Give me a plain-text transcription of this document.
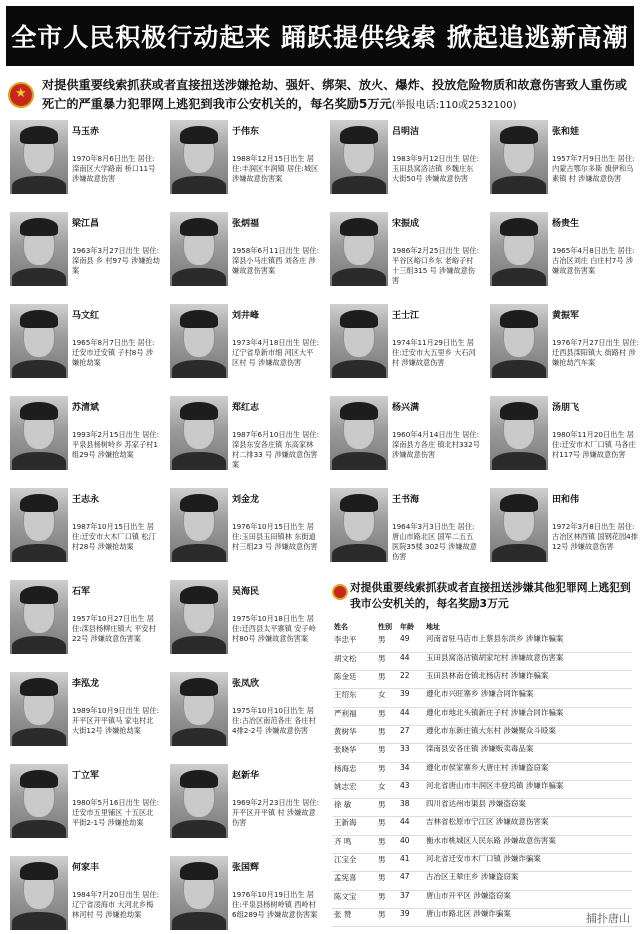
全市人民积极行动起来 踊跃提供线索 掀起追逃新高潮
★
对提供重要线索抓获或者直接扭送涉嫌抢劫、强奸、绑架、放火、爆炸、投放危险物质和故意伤害致人重伤或死亡的严重暴力犯罪网上逃犯到我市公安机关的，每名奖励5万元(举报电话:110或2532100)
马玉赤
1970年8月6日出生 居住:滦南区大学路南 桥口11号 涉嫌故意伤害
于伟东
1988年12月15日出生 居住:丰润区丰润镇 居住:城区 涉嫌故意伤害案
吕明洁
1983年9月12日出生 居住:玉田县窝洛沽镇 乡魏庄东大街50号 涉嫌故意伤害
张和娃
1957年7月9日出生 居住:内蒙古鄂尔多斯 旗伊和乌素镇 村 涉嫌故意伤害
梁江昌
1963年3月27日出生 居住:滦南县 乡 村97号 涉嫌抢劫案
张炳福
1958年6月11日出生 居住:滦县小马庄镇西 刘各庄 涉嫌故意伤害案
宋振成
1986年2月25日出生 居住:平谷区峪口乡东 老峪子村十三组315 号 涉嫌故意伤害
杨贵生
1965年4月8日出生 居住:古冶区刘庄 白庄村7号 涉嫌故意伤害案
马文红
1965年8月7日出生 居住:迁安市迁安镇 子村8号 涉嫌抢劫案
刘井峰
1973年4月18日出生 居住:辽宁省阜新市细 河区大平区村 号 涉嫌故意伤害
王士江
1974年11月29日出生 居住:迁安市大五里乡 大石河村 涉嫌故意伤害
黄振军
1976年7月27日出生 居住:迁西县滦阳镇大 街路村 涉嫌抢劫汽车案
苏清斌
1993年2月15日出生 居住:平泉县杨树岭乡 苏家子村1组29号 涉嫌抢劫案
郑红志
1987年6月10日出生 居住:滦县东安各庄镇 东高家林村二排33 号 涉嫌故意伤害案
杨兴满
1960年4月14日出生 居住:滦南县方各庄 镇北村332号 涉嫌故意伤害
汤朋飞
1980年11月20日出生 居住:迁安市木厂口镇 马各庄村117号 涉嫌故意伤害
王志永
1987年10月15日出生 居住:迁安市大木厂口镇 松汀村28号 涉嫌抢劫案
刘金龙
1976年10月15日出生 居住:玉田县玉田镇林 东街道村三组23 号 涉嫌故意伤害
王书海
1964年3月3日出生 居住:唐山市路北区 国军二五五医院35楼 302号 涉嫌故意伤害
田和伟
1972年3月8日出生 居住:古冶区林西镇 国钢花园4排12号 涉嫌故意伤害
石军
1957年10月27日出生 居住:滦县杨柳庄镇大 平安村22号 涉嫌故意伤害案
吴海民
1975年10月18日出生 居住:迁西县太平寨镇 安子岭村80号 涉嫌故意伤害案
李泓龙
1989年10月9日出生 居住:开平区开平镇马 家屯村北大街12号 涉嫌抢劫案
张凤欣
1975年10月10日出生 居住:古冶区南范各庄 各庄村4排2-2号 涉嫌故意伤害
丁立军
1980年5月16日出生 居住:迁安市五里铺区 十五区北平街2-1号 涉嫌抢劫案
赵新华
1969年2月23日出生 居住:开平区开平镇 村 涉嫌故意伤害
何家丰
1984年7月20日出生 居住:辽宁省凌海市 大河北乡梅林河村 号 涉嫌抢劫案
张国辉
1976年10月19日出生 居住:平泉县杨树岭镇 西岭村6组289号 涉嫌故意伤害案
对提供重要线索抓获或者直接扭送涉嫌其他犯罪网上逃犯到我市公安机关的，每名奖励3万元
姓名	性别	年龄	地址
李忠平	男	49	河南省驻马店市上蔡县东洪乡 涉嫌诈骗案
胡文松	男	44	玉田县窝洛沽镇胡家坨村 涉嫌故意伤害案
陈金廷	男	22	玉田县林南仓镇北杨店村 涉嫌诈骗案
王绍东	女	39	遵化市兴旺寨乡 涉嫌合同诈骗案
严利福	男	44	遵化市地北头镇新庄子村 涉嫌合同诈骗案
黄树华	男	27	遵化市东新庄镇大东村 涉嫌聚众斗殴案
张晓华	男	33	滦南县安各庄镇 涉嫌贩卖毒品案
杨海忠	男	34	遵化市侯家寨乡大唐庄村 涉嫌盗窃案
姚志宏	女	43	河北省唐山市丰润区丰登坞镇 涉嫌诈骗案
徐 敏	男	38	四川省达州市渠县 涉嫌盗窃案
王新海	男	44	吉林省松原市宁江区 涉嫌故意伤害案
齐 鸣	男	40	衡水市桃城区人民东路 涉嫌故意伤害案
江宝全	男	41	河北省迁安市木厂口镇 涉嫌诈骗案
孟宪喜	男	47	古冶区王辇庄乡 涉嫌盗窃案
陈文宝	男	37	唐山市开平区 涉嫌盗窃案
张 赞	男	39	唐山市路北区 涉嫌诈骗案	捕扑唐山
